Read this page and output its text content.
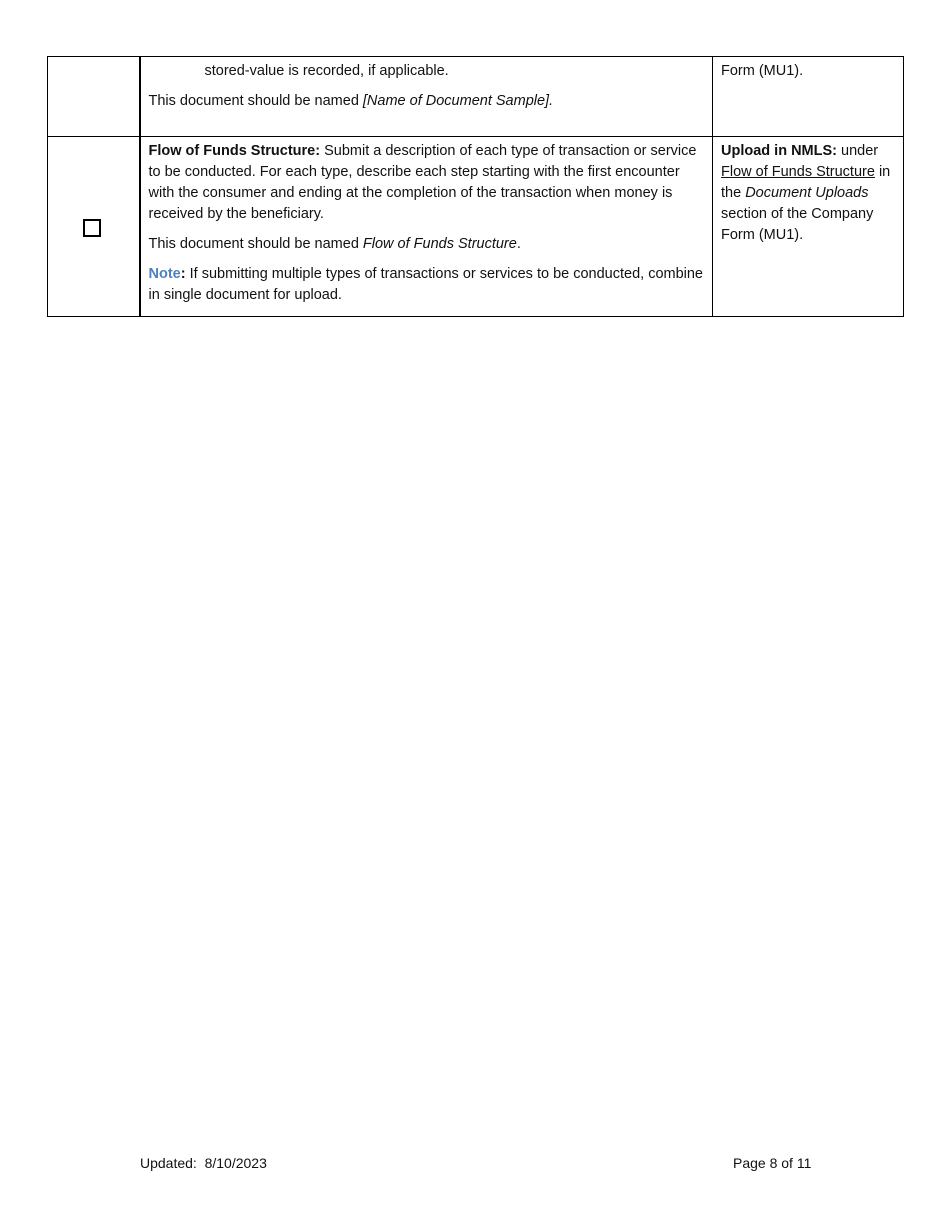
	stored-value is recorded, if applicable.

This document should be named [Name of Document Sample].	Form (MU1).

	Flow of Funds Structure: Submit a description of each type of transaction or service to be conducted. For each type, describe each step starting with the first encounter with the consumer and ending at the completion of the transaction when money is received by the beneficiary.

This document should be named Flow of Funds Structure.

Note: If submitting multiple types of transactions or services to be conducted, combine in single document for upload.	Upload in NMLS: under Flow of Funds Structure in the Document Uploads section of the Company Form (MU1).

Updated:  8/10/2023	Page 8 of 11
